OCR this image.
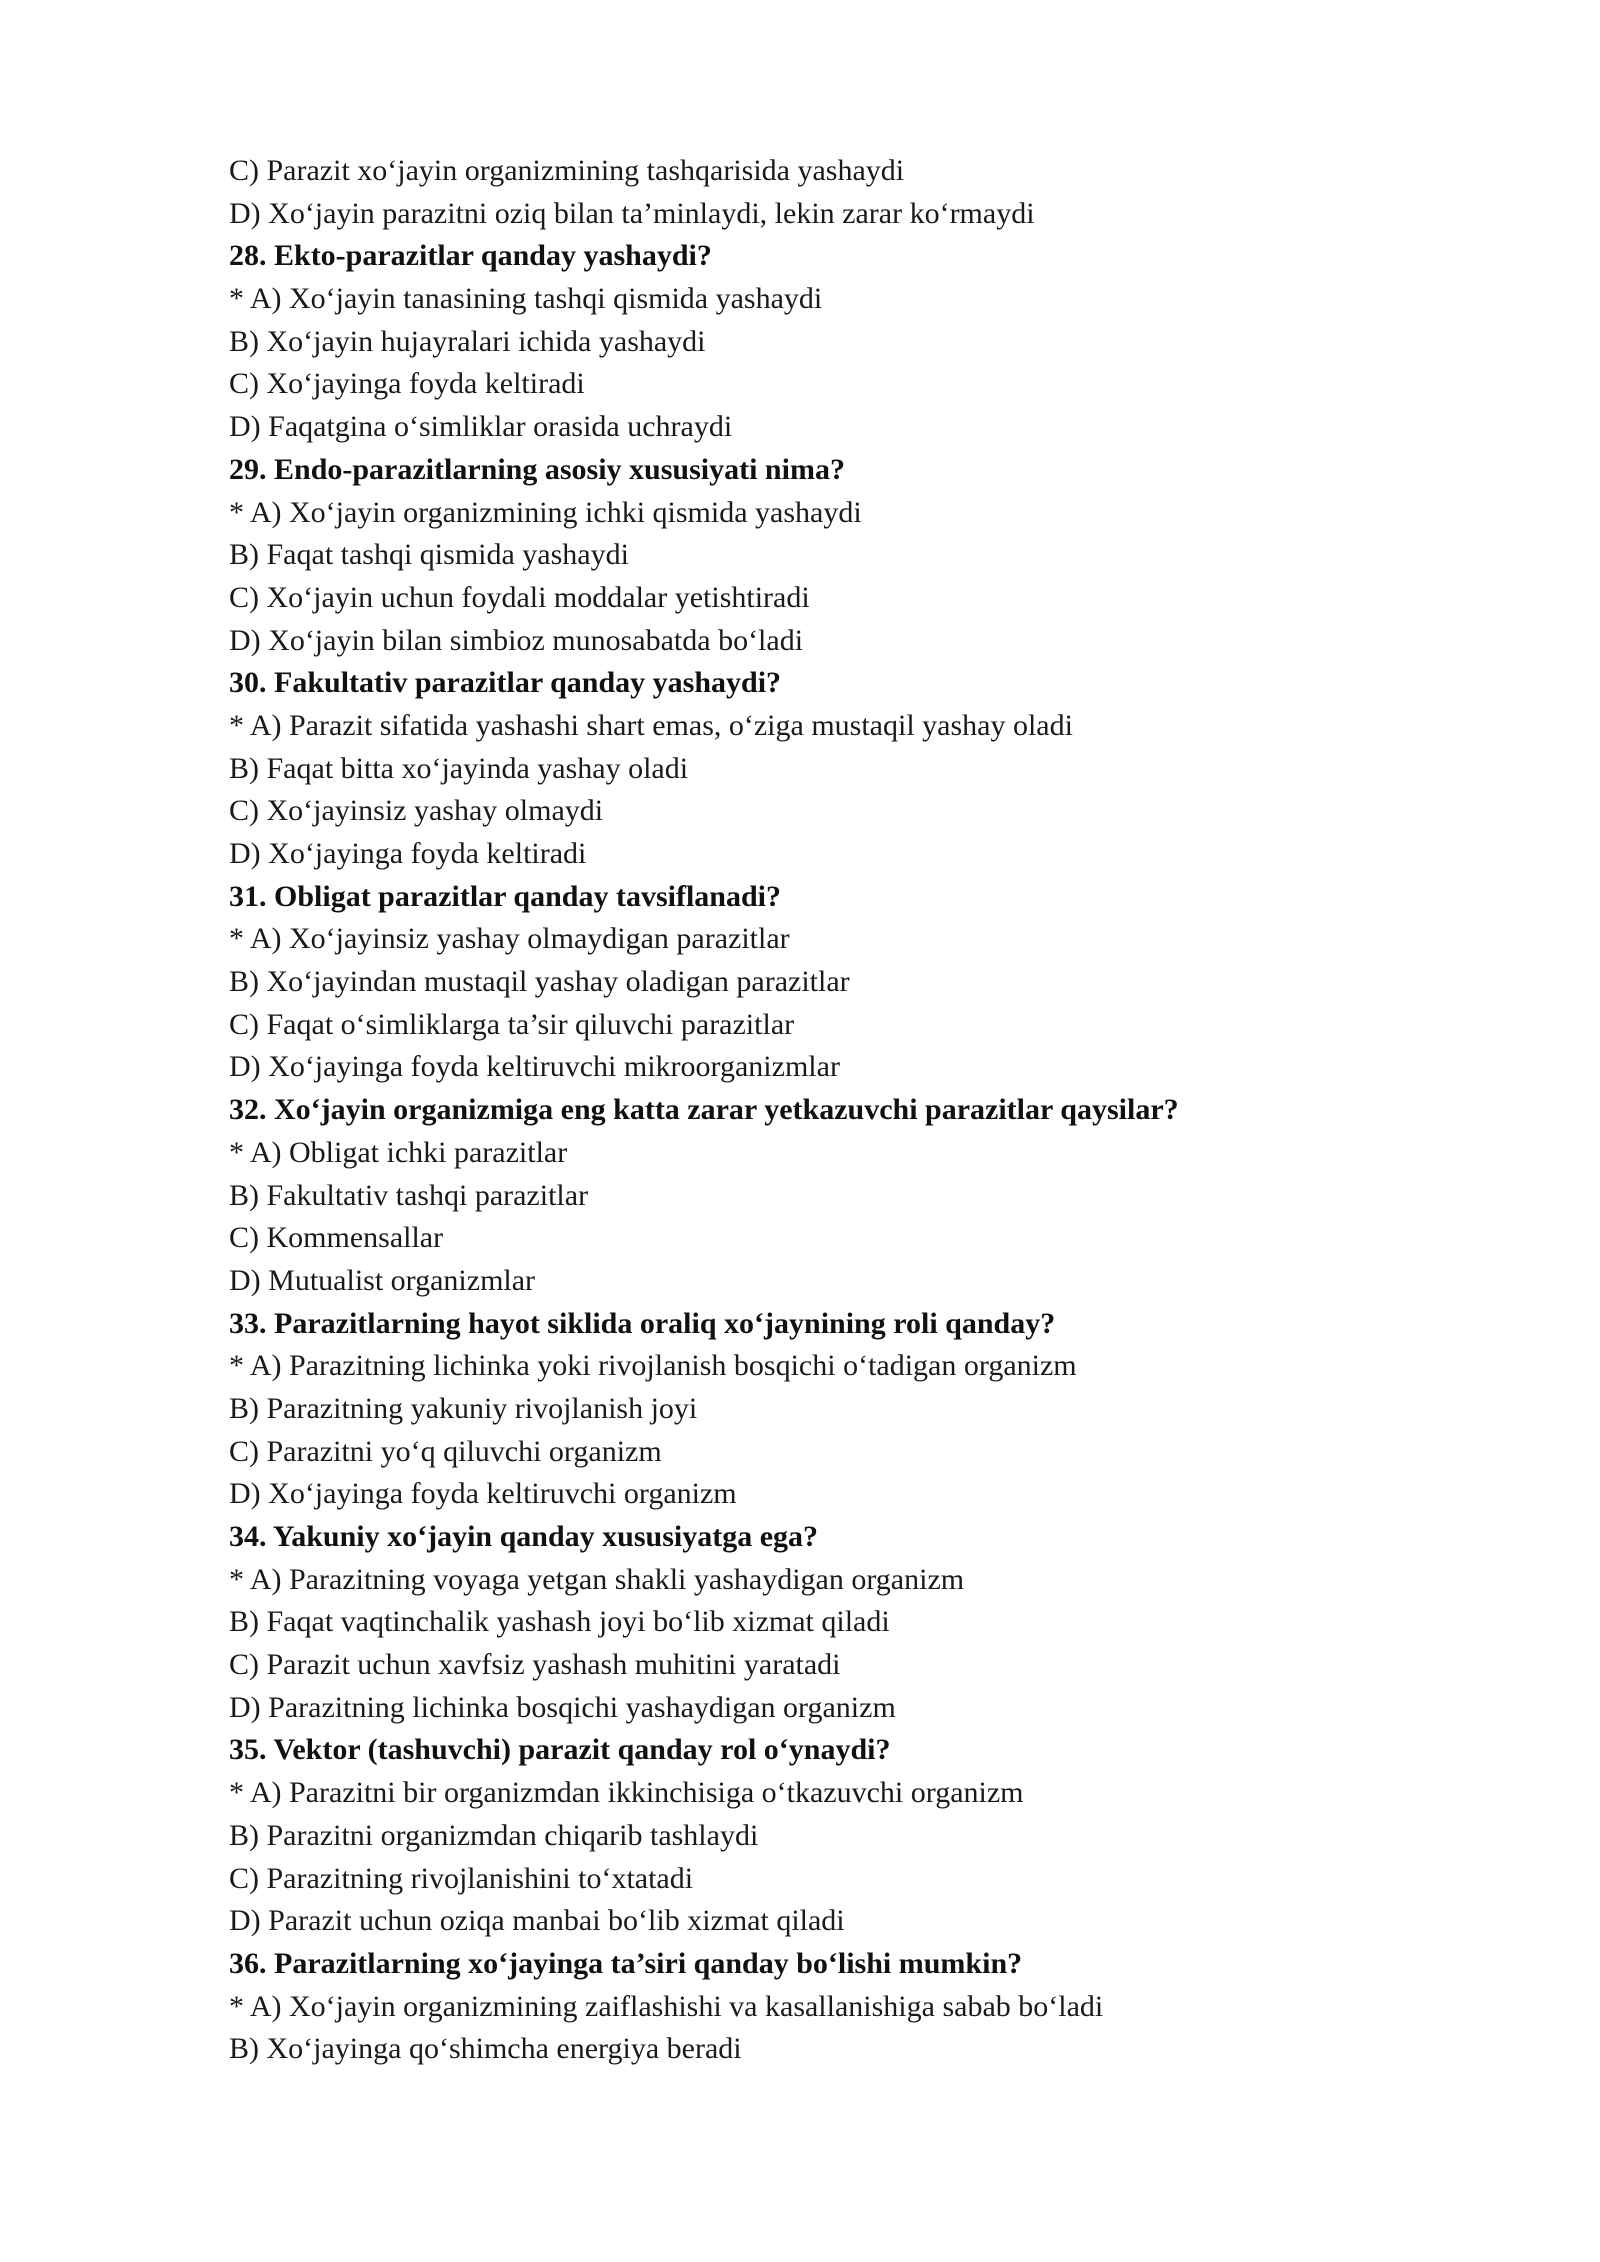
C) Parazit xo‘jayin organizmining tashqarisida yashaydi

D) Xo‘jayin parazitni oziq bilan ta’minlaydi, lekin zarar ko‘rmaydi

28. Ekto-parazitlar qanday yashaydi?

* A) Xo‘jayin tanasining tashqi qismida yashaydi

B) Xo‘jayin hujayralari ichida yashaydi

C) Xo‘jayinga foyda keltiradi

D) Faqatgina o‘simliklar orasida uchraydi

29. Endo-parazitlarning asosiy xususiyati nima?

* A) Xo‘jayin organizmining ichki qismida yashaydi

B) Faqat tashqi qismida yashaydi

C) Xo‘jayin uchun foydali moddalar yetishtiradi

D) Xo‘jayin bilan simbioz munosabatda bo‘ladi

30. Fakultativ parazitlar qanday yashaydi?

* A) Parazit sifatida yashashi shart emas, o‘ziga mustaqil yashay oladi

B) Faqat bitta xo‘jayinda yashay oladi

C) Xo‘jayinsiz yashay olmaydi

D) Xo‘jayinga foyda keltiradi

31. Obligat parazitlar qanday tavsiflanadi?

* A) Xo‘jayinsiz yashay olmaydigan parazitlar

B) Xo‘jayindan mustaqil yashay oladigan parazitlar

C) Faqat o‘simliklarga ta’sir qiluvchi parazitlar

D) Xo‘jayinga foyda keltiruvchi mikroorganizmlar

32. Xo‘jayin organizmiga eng katta zarar yetkazuvchi parazitlar qaysilar?

* A) Obligat ichki parazitlar

B) Fakultativ tashqi parazitlar

C) Kommensallar

D) Mutualist organizmlar

33. Parazitlarning hayot siklida oraliq xo‘jaynining roli qanday?

* A) Parazitning lichinka yoki rivojlanish bosqichi o‘tadigan organizm

B) Parazitning yakuniy rivojlanish joyi

C) Parazitni yo‘q qiluvchi organizm

D) Xo‘jayinga foyda keltiruvchi organizm

34. Yakuniy xo‘jayin qanday xususiyatga ega?

* A) Parazitning voyaga yetgan shakli yashaydigan organizm

B) Faqat vaqtinchalik yashash joyi bo‘lib xizmat qiladi

C) Parazit uchun xavfsiz yashash muhitini yaratadi

D) Parazitning lichinka bosqichi yashaydigan organizm

35. Vektor (tashuvchi) parazit qanday rol o‘ynaydi?

* A) Parazitni bir organizmdan ikkinchisiga o‘tkazuvchi organizm

B) Parazitni organizmdan chiqarib tashlaydi

C) Parazitning rivojlanishini to‘xtatadi

D) Parazit uchun oziqa manbai bo‘lib xizmat qiladi

36. Parazitlarning xo‘jayinga ta’siri qanday bo‘lishi mumkin?

* A) Xo‘jayin organizmining zaiflashishi va kasallanishiga sabab bo‘ladi

B) Xo‘jayinga qo‘shimcha energiya beradi
